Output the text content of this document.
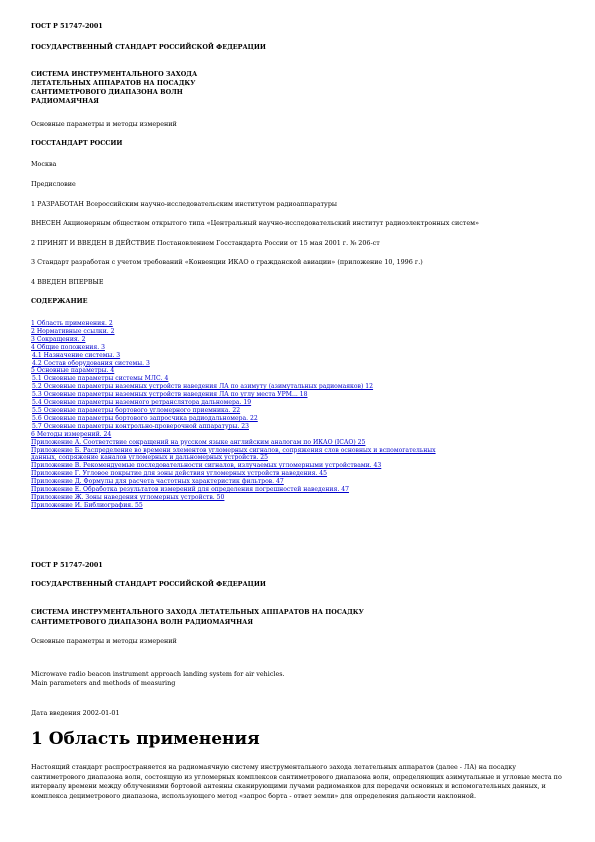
ГОСТ Р 51747-2001
ГОСУДАРСТВЕННЫЙ СТАНДАРТ РОССИЙСКОЙ ФЕДЕРАЦИИ
СИСТЕМА ИНСТРУМЕНТАЛЬНОГО ЗАХОДА
ЛЕТАТЕЛЬНЫХ АППАРАТОВ НА ПОСАДКУ
САНТИМЕТРОВОГО ДИАПАЗОНА ВОЛН
РАДИОМАЯЧНАЯ
Основные параметры и методы измерений
ГОССТАНДАРТ РОССИИ
Москва
Предисловие
1 РАЗРАБОТАН Всероссийским научно-исследовательским институтом радиоаппаратуры
ВНЕСЕН Акционерным обществом открытого типа «Центральный научно-исследовательский институт радиоэлектронных систем»
2 ПРИНЯТ И ВВЕДЕН В ДЕЙСТВИЕ Постановлением Госстандарта России от 15 мая 2001 г. № 206-ст
3 Стандарт разработан с учетом требований «Конвенции ИКАО о гражданской авиации» (приложение 10, 1996 г.)
4 ВВЕДЕН ВПЕРВЫЕ
СОДЕРЖАНИЕ
1 Область применения. 2
2 Нормативные ссылки. 2
3 Сокращения. 2
4 Общие положения. 3
4.1 Назначение системы. 3
4.2 Состав оборудования системы. 3
5 Основные параметры. 4
5.1 Основные параметры системы МЛС. 4
5.2 Основные параметры наземных устройств наведения ЛА по азимуту (азимутальных радиомаяков) 12
5.3 Основные параметры наземных устройств наведения ЛА по углу места УРМ... 18
5.4 Основные параметры наземного ретранслятора дальномера. 19
5.5 Основные параметры бортового угломерного приемника. 22
5.6 Основные параметры бортового запросчика радиодальномера. 22
5.7 Основные параметры контрольно-проверочной аппаратуры. 23
6 Методы измерений. 24
Приложение А. Соответствие сокращений на русском языке английским аналогам по ИКАО (ICAO) 25
Приложение Б. Распределение во времени элементов угломерных сигналов, сопряжения слов основных и вспомогательных данных, сопряжение каналов угломерных и дальномерных устройств. 25
Приложение В. Рекомендуемые последовательности сигналов, излучаемых угломерными устройствами. 43
Приложение Г. Угловое покрытие для зоны действия угломерных устройств наведения. 45
Приложение Д. Формулы для расчета частотных характеристик фильтров. 47
Приложение Е. Обработка результатов измерений для определения погрешностей наведения. 47
Приложение Ж. Зоны наведения угломерных устройств. 50
Приложение И. Библиография. 55
ГОСТ Р 51747-2001
ГОСУДАРСТВЕННЫЙ СТАНДАРТ РОССИЙСКОЙ ФЕДЕРАЦИИ
СИСТЕМА ИНСТРУМЕНТАЛЬНОГО ЗАХОДА ЛЕТАТЕЛЬНЫХ АППАРАТОВ НА ПОСАДКУ
САНТИМЕТРОВОГО ДИАПАЗОНА ВОЛН РАДИОМАЯЧНАЯ
Основные параметры и методы измерений
Microwave radio beacon instrument approach landing system for air vehicles.
Main parameters and methods of measuring
Дата введения 2002-01-01
1 Область применения

Настоящий стандарт распространяется на радиомаячную систему инструментального захода летательных аппаратов (далее - ЛА) на посадку сантиметрового диапазона волн, состоящую из угломерных комплексов сантиметрового диапазона волн, определяющих азимутальные и угловые места по интервалу времени между облучениями бортовой антенны сканирующими лучами радиомаяков для передачи основных и вспомогательных данных, и комплекса дециметрового диапазона, использующего метод «запрос борта - ответ земли» для определения дальности наклонной.
